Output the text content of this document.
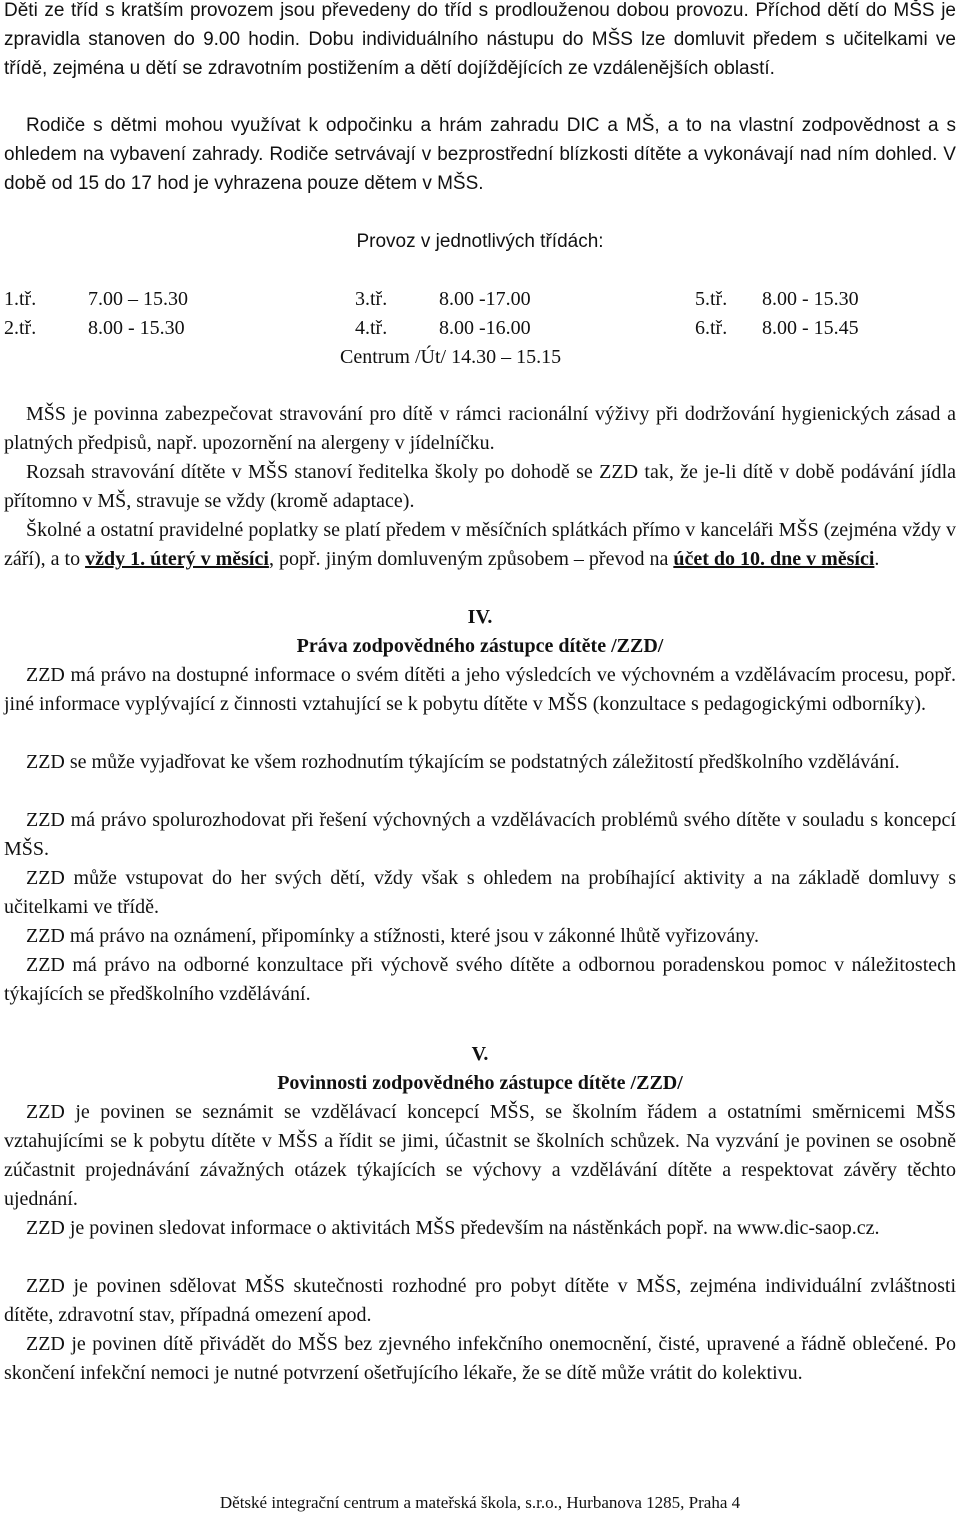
Děti ze tříd s kratším provozem jsou převedeny do tříd s prodlouženou dobou provozu. Příchod dětí do MŠS je zpravidla stanoven do 9.00 hodin. Dobu individuálního nástupu do MŠS lze domluvit předem s učitelkami ve třídě, zejména u dětí se zdravotním postižením a dětí dojíždějících ze vzdálenějších oblastí.

Rodiče s dětmi mohou využívat k odpočinku a hrám zahradu DIC a MŠ, a to na vlastní zodpovědnost a s ohledem na vybavení zahrady. Rodiče setrvávají v bezprostřední blízkosti dítěte a vykonávají nad ním dohled. V době od 15 do 17 hod je vyhrazena pouze dětem v MŠS.

Provoz v jednotlivých třídách:

1.tř.	7.00 – 15.30	3.tř.	8.00 -17.00	5.tř. 8.00 - 15.30
2.tř.	8.00 - 15.30	4.tř.	8.00 -16.00	6.tř. 8.00 - 15.45
Centrum /Út/ 14.30 – 15.15

MŠS je povinna zabezpečovat stravování pro dítě v rámci racionální výživy při dodržování hygienických zásad a platných předpisů, např. upozornění na alergeny v jídelníčku.

Rozsah stravování dítěte v MŠS stanoví ředitelka školy po dohodě se ZZD tak, že je-li dítě v době podávání jídla přítomno v MŠ, stravuje se vždy (kromě adaptace).

Školné a ostatní pravidelné poplatky se platí předem v měsíčních splátkách přímo v kanceláři MŠS (zejména vždy v září), a to vždy 1. úterý v měsíci, popř. jiným domluveným způsobem – převod na účet do 10. dne v měsíci.

IV.

Práva zodpovědného zástupce dítěte /ZZD/

ZZD má právo na dostupné informace o svém dítěti a jeho výsledcích ve výchovném a vzdělávacím procesu, popř. jiné informace vyplývající z činnosti vztahující se k pobytu dítěte v MŠS (konzultace s pedagogickými odborníky).

ZZD se může vyjadřovat ke všem rozhodnutím týkajícím se podstatných záležitostí předškolního vzdělávání.

ZZD má právo spolurozhodovat při řešení výchovných a vzdělávacích problémů svého dítěte v souladu s koncepcí MŠS.

ZZD může vstupovat do her svých dětí, vždy však s ohledem na probíhající aktivity a na základě domluvy s učitelkami ve třídě.

ZZD má právo na oznámení, připomínky a stížnosti, které jsou v zákonné lhůtě vyřizovány.

ZZD má právo na odborné konzultace při výchově svého dítěte a odbornou poradenskou pomoc v náležitostech týkajících se předškolního vzdělávání.

V.

Povinnosti zodpovědného zástupce dítěte /ZZD/

ZZD je povinen se seznámit se vzdělávací koncepcí MŠS, se školním řádem a ostatními směrnicemi MŠS vztahujícími se k pobytu dítěte v MŠS a řídit se jimi, účastnit se školních schůzek. Na vyzvání je povinen se osobně zúčastnit projednávání závažných otázek týkajících se výchovy a vzdělávání dítěte a respektovat závěry těchto ujednání.

ZZD je povinen sledovat informace o aktivitách MŠS především na nástěnkách popř. na www.dic-saop.cz.

ZZD je povinen sdělovat MŠS skutečnosti rozhodné pro pobyt dítěte v MŠS, zejména individuální zvláštnosti dítěte, zdravotní stav, případná omezení apod.

ZZD je povinen dítě přivádět do MŠS bez zjevného infekčního onemocnění, čisté, upravené a řádně oblečené. Po skončení infekční nemoci je nutné potvrzení ošetřujícího lékaře, že se dítě může vrátit do kolektivu.

Dětské integrační centrum a mateřská škola, s.r.o., Hurbanova 1285, Praha 4
